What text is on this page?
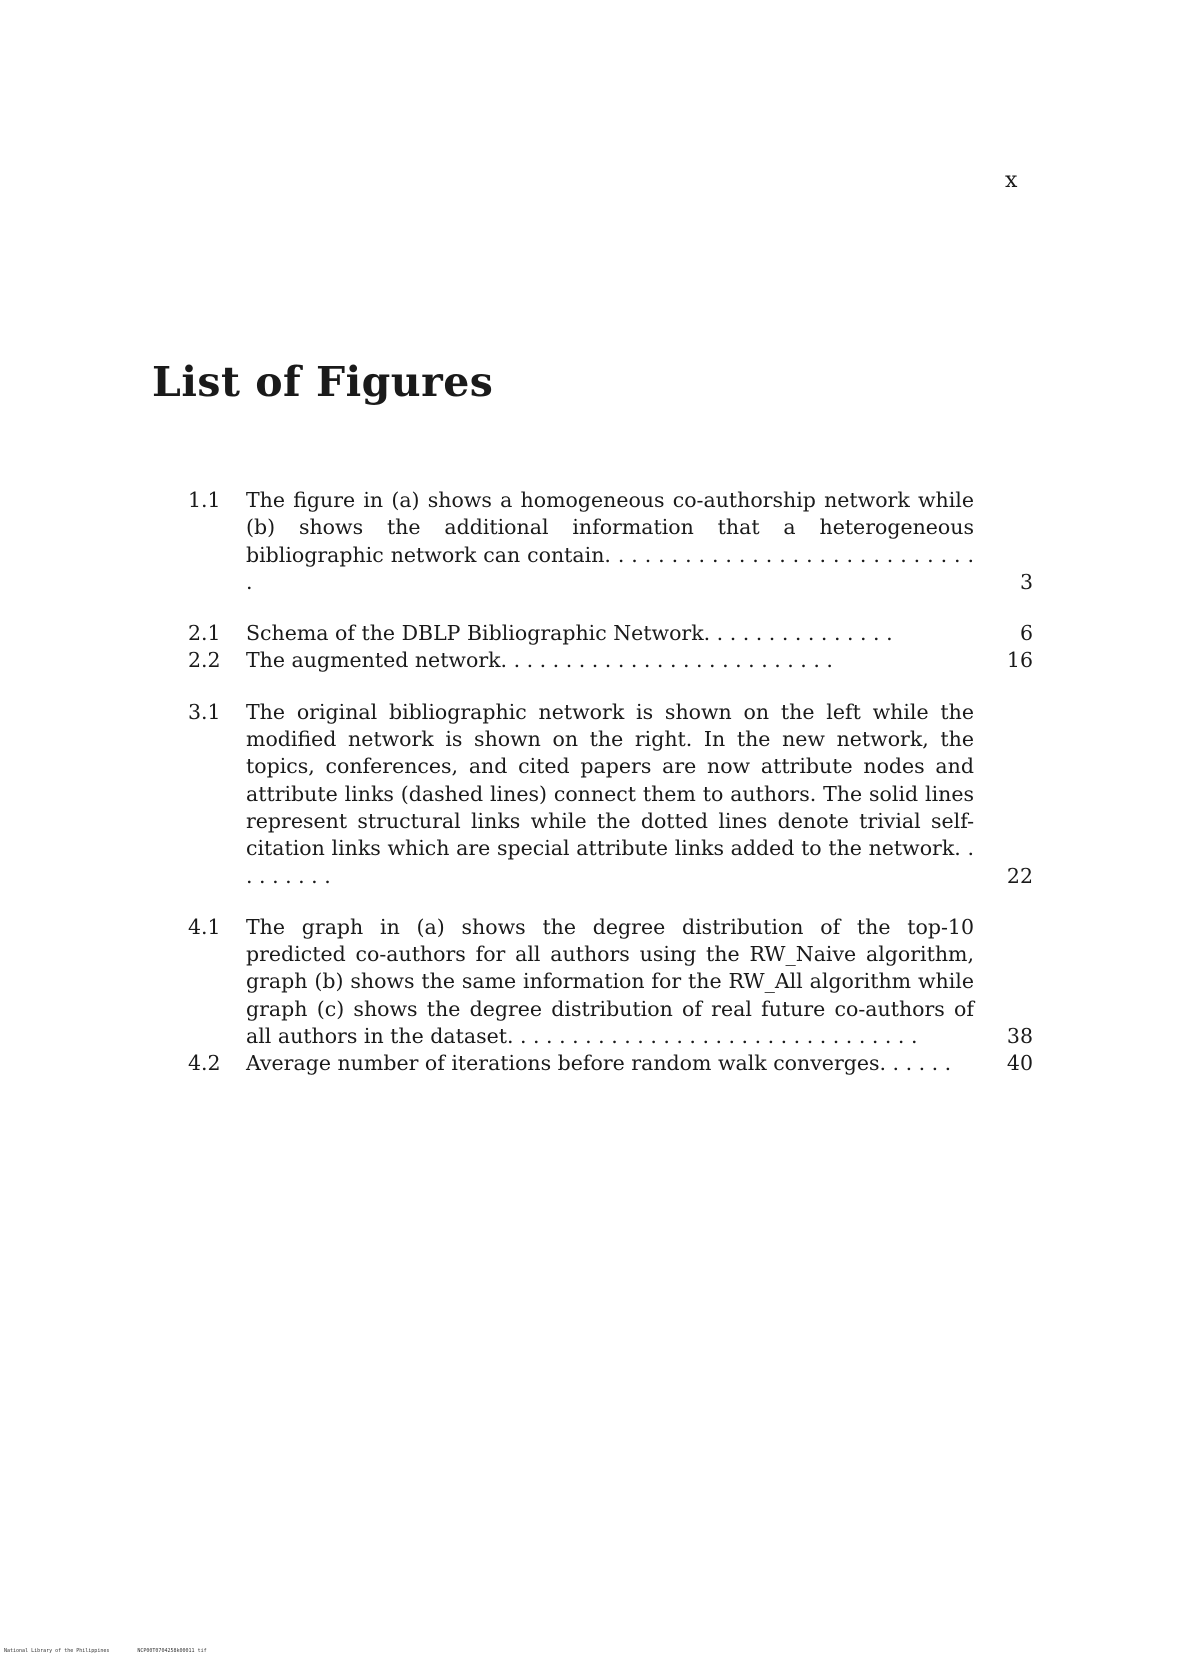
x
List of Figures
1.1	The figure in (a) shows a homogeneous co-authorship network while (b) shows the additional information that a heterogeneous bibliographic network can contain. . . . . . . . . . . . . . . . . . . . . . . . . . . . .	3
2.1	Schema of the DBLP Bibliographic Network. . . . . . . . . . . . . . .	6
2.2	The augmented network. . . . . . . . . . . . . . . . . . . . . . . . . .	16
3.1	The original bibliographic network is shown on the left while the modified network is shown on the right. In the new network, the topics, conferences, and cited papers are now attribute nodes and attribute links (dashed lines) connect them to authors. The solid lines represent structural links while the dotted lines denote trivial self-citation links which are special attribute links added to the network. . . . . . . . .	22
4.1	The graph in (a) shows the degree distribution of the top-10 predicted co-authors for all authors using the RW_Naive algorithm, graph (b) shows the same information for the RW_All algorithm while graph (c) shows the degree distribution of real future co-authors of all authors in the dataset. . . . . . . . . . . . . . . . . . . . . . . . . . . . . . . .	38
4.2	Average number of iterations before random walk converges. . . . . .	40
National Library of the Philippines	NCP00T0704258k00011 tif
